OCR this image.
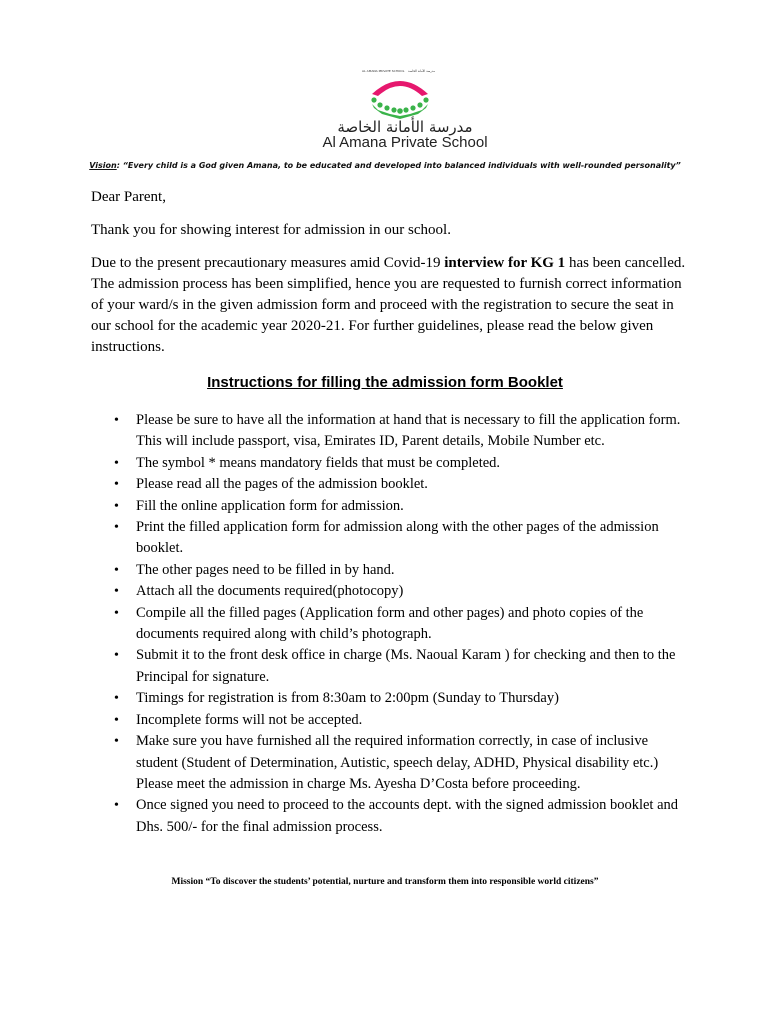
AL AMANA PRIVATE SCHOOL مدرسة الأمانة الخاصة
مدرسة الأمانة الخاصة
Al Amana Private School
Vision: “Every child is a God given Amana, to be educated and developed into balanced individuals with well-rounded personality”
Dear Parent,
Thank you for showing interest for admission in our school.
Due to the present precautionary measures amid Covid-19 interview for KG 1 has been cancelled. The admission process has been simplified, hence you are requested to furnish correct information of your ward/s in the given admission form and proceed with the registration to secure the seat in our school for the academic year 2020-21. For further guidelines, please read the below given instructions.
Instructions for filling the admission form Booklet
• Please be sure to have all the information at hand that is necessary to fill the application form. This will include passport, visa, Emirates ID, Parent details, Mobile Number etc.
• The symbol * means mandatory fields that must be completed.
• Please read all the pages of the admission booklet.
• Fill the online application form for admission.
• Print the filled application form for admission along with the other pages of the admission booklet.
• The other pages need to be filled in by hand.
• Attach all the documents required(photocopy)
• Compile all the filled pages (Application form and other pages) and photo copies of the documents required along with child’s photograph.
• Submit it to the front desk office in charge (Ms. Naoual Karam ) for checking and then to the Principal for signature.
• Timings for registration is from 8:30am to 2:00pm (Sunday to Thursday)
• Incomplete forms will not be accepted.
• Make sure you have furnished all the required information correctly, in case of inclusive student (Student of Determination, Autistic, speech delay, ADHD, Physical disability etc.) Please meet the admission in charge Ms. Ayesha D’Costa before proceeding.
• Once signed you need to proceed to the accounts dept. with the signed admission booklet and Dhs. 500/- for the final admission process.
Mission “To discover the students’ potential, nurture and transform them into responsible world citizens”
